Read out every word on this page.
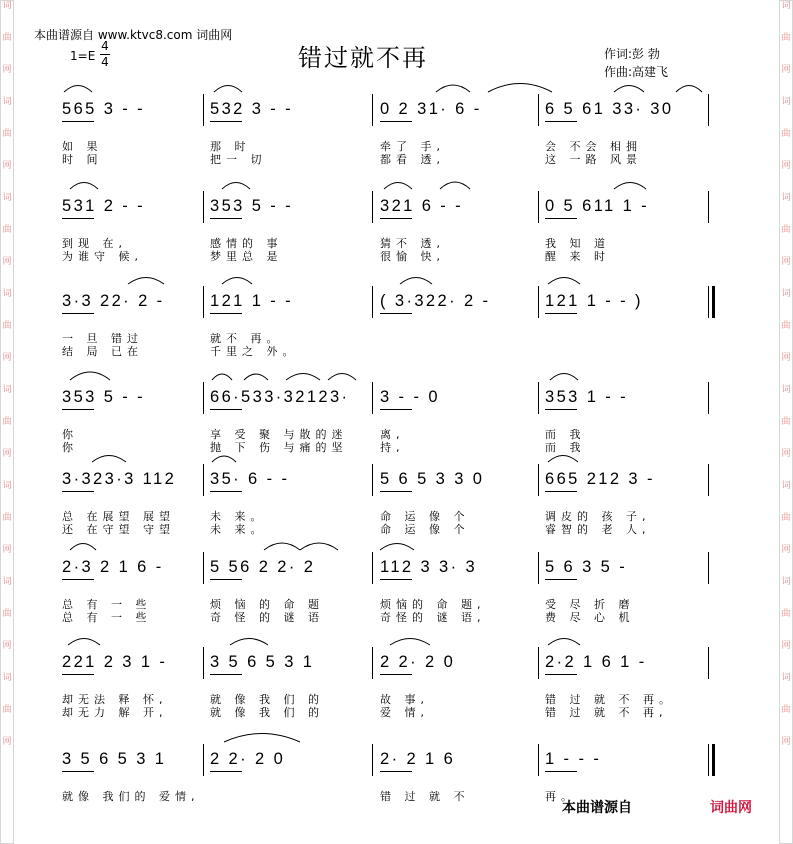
词
曲
网
词
曲
网
词
曲
网
词
曲
网
词
曲
网
词
曲
网
词
曲
网
词
曲
网
词
曲
网
词
曲
网
词
曲
网
词
曲
网
词
曲
网
词
曲
网
词
曲
网
词
曲
网
本曲谱源自 www.ktvc8.com 词曲网
1=E
4
4	错过就不再	作词:彭 勃
作曲:高建飞
565 3 - -
如 果
时 间
532 3 - -
那 时
把一 切
0 2 31· 6 -
牵了 手,
都看 透,
6 5 61 33· 30
会 不会 相拥
这 一路 风景
531 2 - -
到现 在,
为谁守 候,
353 5 - -
感情的 事
梦里总 是
321 6 - -
猜不 透,
很愉 快,
0 5 611 1 -
我 知 道
醒 来 时
3·3 22· 2 -
一 旦 错过
结 局 已在
121 1 - -
就不 再。
千里之 外。
( 3·322· 2 -	121 1 - - )
353 5 - -
你
你
66·533·32123·
享 受 聚 与散的迷
抛 下 伤 与痛的坚
3 - - 0
离,
持,
353 1 - -
而 我
而 我
3·323·3 112
总 在展望 展望
还 在守望 守望
35· 6 - -
未 来。
未 来。
5 6 5 3 3 0
命 运 像 个
命 运 像 个
665 212 3 -
调皮的 孩 子,
睿智的 老 人,
2·3 2 1 6 -
总 有 一 些
总 有 一 些
5 56 2 2· 2
烦 恼 的 命 题
奇 怪 的 谜 语
112 3 3· 3
烦恼的 命 题,
奇怪的 谜 语,
5 6 3 5 -
受 尽 折 磨
费 尽 心 机
221 2 3 1 -
却无法 释 怀,
却无力 解 开,
3 5 6 5 3 1
就 像 我 们 的
就 像 我 们 的
2 2· 2 0
故 事,
爱 情,
2·2 1 6 1 -
错 过 就 不 再。
错 过 就 不 再,
3 5 6 5 3 1
就像 我们的 爱情,
2 2· 2 0	2· 2 1 6
错 过 就 不
1 - - -
再。
本曲谱源自	词曲网
